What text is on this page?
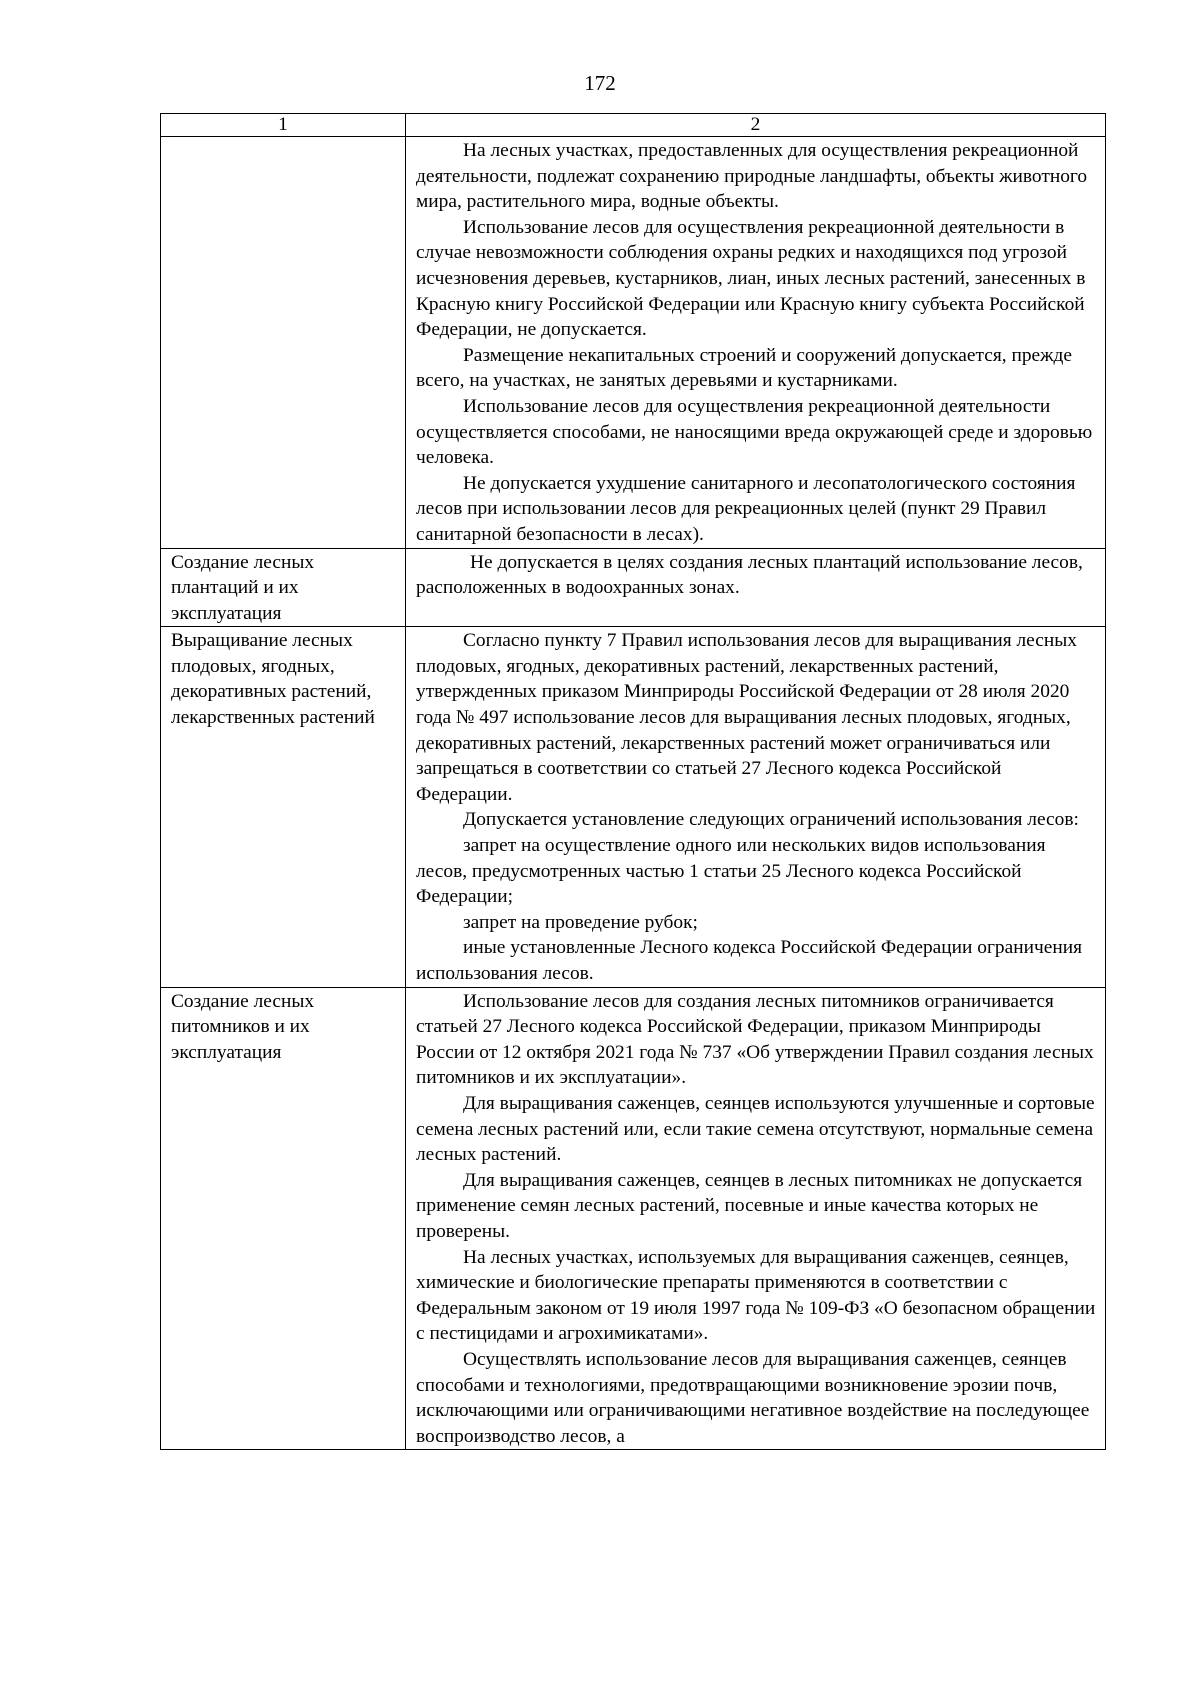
172
1	2

	На лесных участках, предоставленных для осуществления рекреационной деятельности, подлежат сохранению природные ландшафты, объекты животного мира, растительного мира, водные объекты.

Использование лесов для осуществления рекреационной деятельности в случае невозможности соблюдения охраны редких и находящихся под угрозой исчезновения деревьев, кустарников, лиан, иных лесных растений, занесенных в Красную книгу Российской Федерации или Красную книгу субъекта Российской Федерации, не допускается.

Размещение некапитальных строений и сооружений допускается, прежде всего, на участках, не занятых деревьями и кустарниками.

Использование лесов для осуществления рекреационной деятельности осуществляется способами, не наносящими вреда окружающей среде и здоровью человека.

Не допускается ухудшение санитарного и лесопатологического состояния лесов при использовании лесов для рекреационных целей (пункт 29 Правил санитарной безопасности в лесах).

Создание лесных плантаций и их эксплуатация	Не допускается в целях создания лесных плантаций использование лесов, расположенных в водоохранных зонах.

Выращивание лесных плодовых, ягодных, декоративных растений, лекарственных растений	Согласно пункту 7 Правил использования лесов для выращивания лесных плодовых, ягодных, декоративных растений, лекарственных растений, утвержденных приказом Минприроды Российской Федерации от 28 июля 2020 года № 497 использование лесов для выращивания лесных плодовых, ягодных, декоративных растений, лекарственных растений может ограничиваться или запрещаться в соответствии со статьей 27 Лесного кодекса Российской Федерации.

Допускается установление следующих ограничений использования лесов:

запрет на осуществление одного или нескольких видов использования лесов, предусмотренных частью 1 статьи 25 Лесного кодекса Российской Федерации;

запрет на проведение рубок;

иные установленные Лесного кодекса Российской Федерации ограничения использования лесов.

Создание лесных питомников и их эксплуатация	Использование лесов для создания лесных питомников ограничивается статьей 27 Лесного кодекса Российской Федерации, приказом Минприроды России от 12 октября 2021 года № 737 «Об утверждении Правил создания лесных питомников и их эксплуатации».

Для выращивания саженцев, сеянцев используются улучшенные и сортовые семена лесных растений или, если такие семена отсутствуют, нормальные семена лесных растений.

Для выращивания саженцев, сеянцев в лесных питомниках не допускается применение семян лесных растений, посевные и иные качества которых не проверены.

На лесных участках, используемых для выращивания саженцев, сеянцев, химические и биологические препараты применяются в соответствии с Федеральным законом от 19 июля 1997 года № 109-ФЗ «О безопасном обращении с пестицидами и агрохимикатами».

Осуществлять использование лесов для выращивания саженцев, сеянцев способами и технологиями, предотвращающими возникновение эрозии почв, исключающими или ограничивающими негативное воздействие на последующее воспроизводство лесов, а
